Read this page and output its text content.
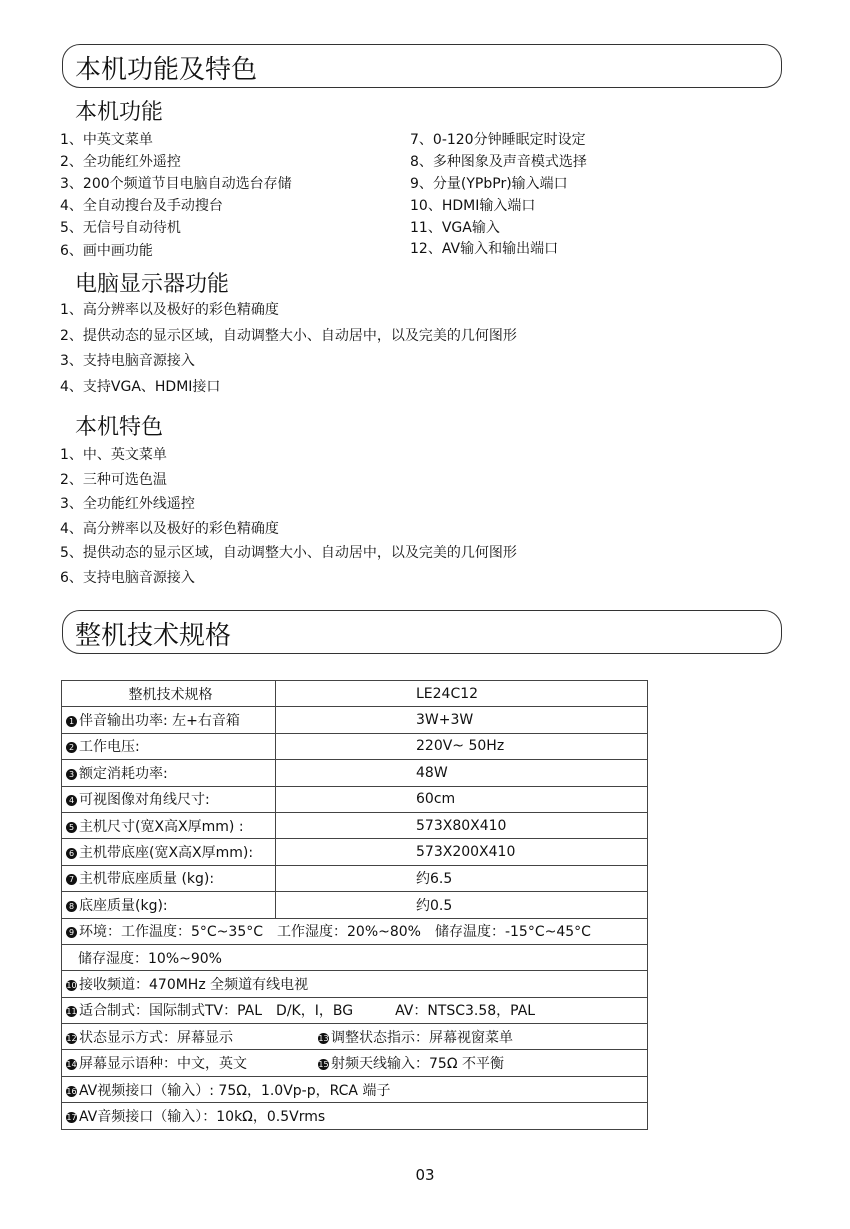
本机功能及特色
本机功能
1、中英文菜单
2、全功能红外遥控
3、200个频道节目电脑自动选台存储
4、全自动搜台及手动搜台
5、无信号自动待机
6、画中画功能
7、0-120分钟睡眠定时设定
8、多种图象及声音模式选择
9、分量(YPbPr)输入端口
10、HDMI输入端口
11、VGA输入
12、AV输入和输出端口
电脑显示器功能
1、高分辨率以及极好的彩色精确度
2、提供动态的显示区域，自动调整大小、自动居中，以及完美的几何图形
3、支持电脑音源接入
4、支持VGA、HDMI接口
本机特色
1、中、英文菜单
2、三种可选色温
3、全功能红外线遥控
4、高分辨率以及极好的彩色精确度
5、提供动态的显示区域，自动调整大小、自动居中，以及完美的几何图形
6、支持电脑音源接入
整机技术规格
整机技术规格	LE24C12
1 伴音输出功率: 左+右音箱	3W+3W
2 工作电压:	220V~ 50Hz
3 额定消耗功率:	48W
4 可视图像对角线尺寸:	60cm
5 主机尺寸(宽X高X厚mm) :	573X80X410
6 主机带底座(宽X高X厚mm):	573X200X410
7 主机带底座质量 (kg):	约6.5
8 底座质量(kg):	约0.5
9 环境：工作温度：5°C~35°C　工作湿度：20%~80%　储存温度：-15°C~45°C	
储存湿度：10%~90%	
10 接收频道：470MHz 全频道有线电视	
11 适合制式：国际制式TV：PAL　D/K，I，BG　　　AV：NTSC3.58，PAL	
12 状态显示方式：屏幕显示 13 调整状态指示：屏幕视窗菜单	
14 屏幕显示语种：中文，英文 15 射频天线输入：75Ω 不平衡	
16 AV视频接口（输入）: 75Ω，1.0Vp-p，RCA 端子	
17 AV音频接口（输入）：10kΩ，0.5Vrms	
03
